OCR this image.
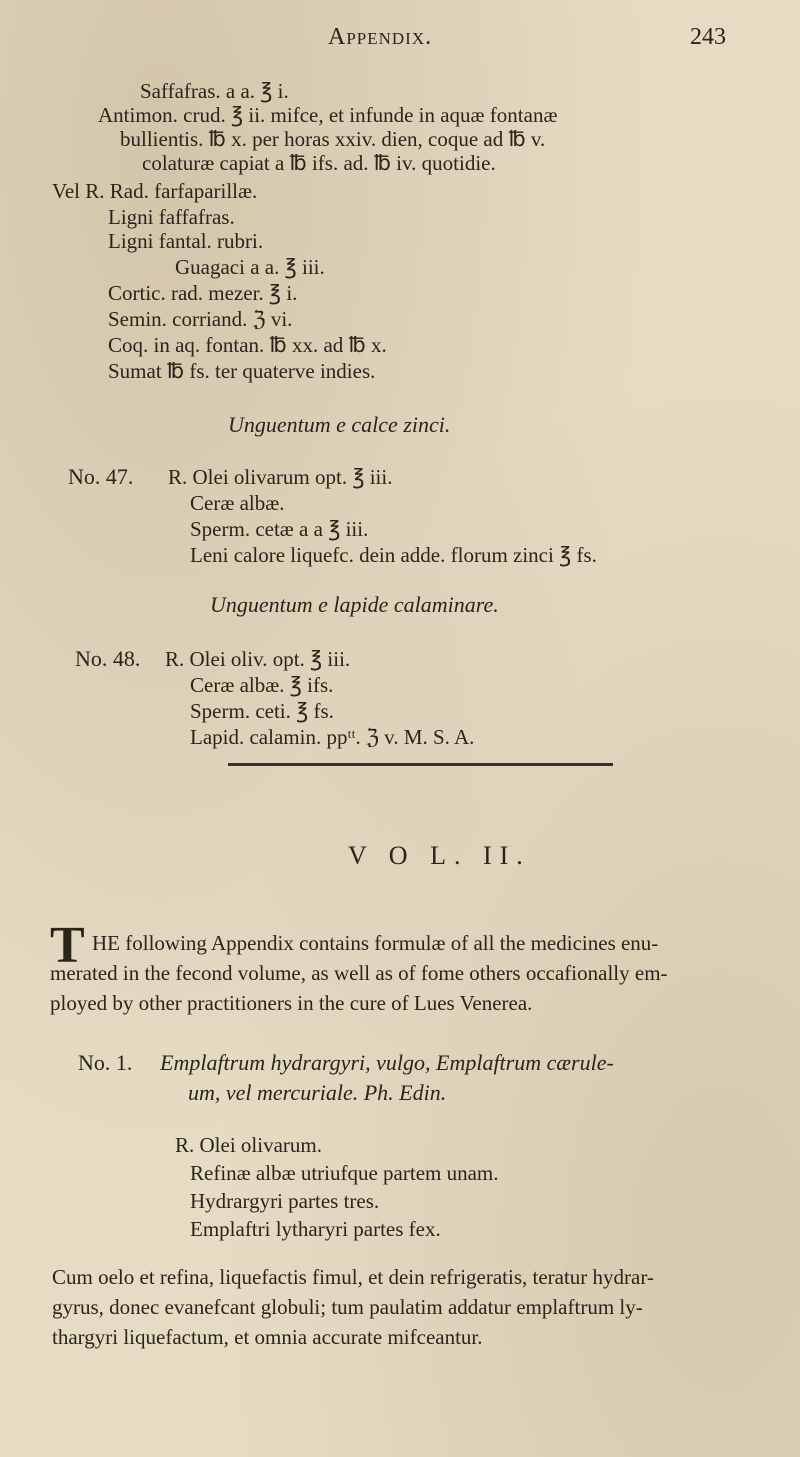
Appendix.	243
Saffafras. a a. ℥ i.
Antimon. crud. ℥ ii. mifce, et infunde in aquæ fontanæ
bullientis. ℔ x. per horas xxiv. dien, coque ad ℔ v.
colaturæ capiat a ℔ ifs. ad. ℔ iv. quotidie.
Vel R. Rad. farfaparillæ.
Ligni faffafras.
Ligni fantal. rubri.
Guagaci a a. ℥ iii.
Cortic. rad. mezer. ℥ i.
Semin. corriand. ℨ vi.
Coq. in aq. fontan. ℔ xx. ad ℔ x.
Sumat ℔ fs. ter quaterve indies.
Unguentum e calce zinci.
No. 47. R. Olei olivarum opt. ℥ iii.
Ceræ albæ.
Sperm. cetæ a a ℥ iii.
Leni calore liquefc. dein adde. florum zinci ℥ fs.
Unguentum e lapide calaminare.
No. 48. R. Olei oliv. opt. ℥ iii.
Ceræ albæ. ℥ ifs.
Sperm. ceti. ℥ fs.
Lapid. calamin. ppᵗᵗ. ℨ v. M. S. A.
V O L. II.
T HE following Appendix contains formulæ of all the medicines enu-
merated in the fecond volume, as well as of fome others occafionally em-
ployed by other practitioners in the cure of Lues Venerea.
No. 1. Emplaftrum hydrargyri, vulgo, Emplaftrum cærule-
um, vel mercuriale. Ph. Edin.
R. Olei olivarum.
Refinæ albæ utriufque partem unam.
Hydrargyri partes tres.
Emplaftri lytharyri partes fex.
Cum oelo et refina, liquefactis fimul, et dein refrigeratis, teratur hydrar-
gyrus, donec evanefcant globuli; tum paulatim addatur emplaftrum ly-
thargyri liquefactum, et omnia accurate mifceantur.
